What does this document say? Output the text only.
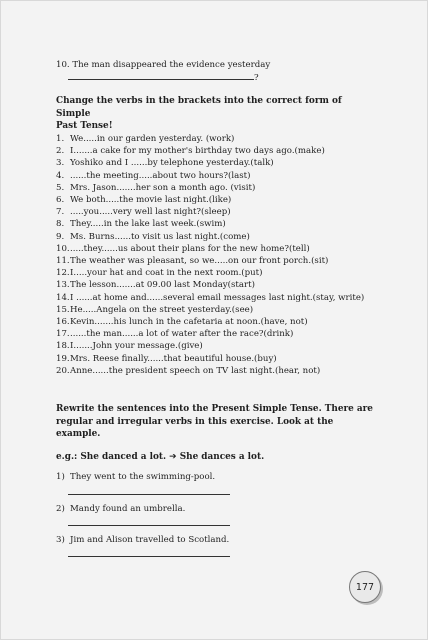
10. The man disappeared the evidence yesterday
?
Change the verbs in the brackets into the correct form of Simple
Past Tense!
1. We.....in our garden yesterday. (work)
2. I.......a cake for my mother's birthday two days ago.(make)
3. Yoshiko and I ......by telephone yesterday.(talk)
4. ......the meeting.....about two hours?(last)
5. Mrs. Jason.......her son a month ago. (visit)
6. We both.....the movie last night.(like)
7. .....you.....very well last night?(sleep)
8. They.....in the lake last week.(swim)
9. Ms. Burns......to visit us last night.(come)
10......they......us about their plans for the new home?(tell)
11.The weather was pleasant, so we.....on our front porch.(sit)
12.I.....your hat and coat in the next room.(put)
13.The lesson.......at 09.00 last Monday(start)
14.I ......at home and......several email messages last night.(stay, write)
15.He.....Angela on the street yesterday.(see)
16.Kevin.......his lunch in the cafetaria at noon.(have, not)
17.......the man......a lot of water after the race?(drink)
18.I.......John your message.(give)
19.Mrs. Reese finally......that beautiful house.(buy)
20.Anne......the president speech on TV last night.(hear, not)
Rewrite the sentences into the Present Simple Tense. There are
regular and irregular verbs in this exercise. Look at the example.
e.g.: She danced a lot. ➔ She dances a lot.
1) They went to the swimming-pool.
2) Mandy found an umbrella.
3) Jim and Alison travelled to Scotland.
177
